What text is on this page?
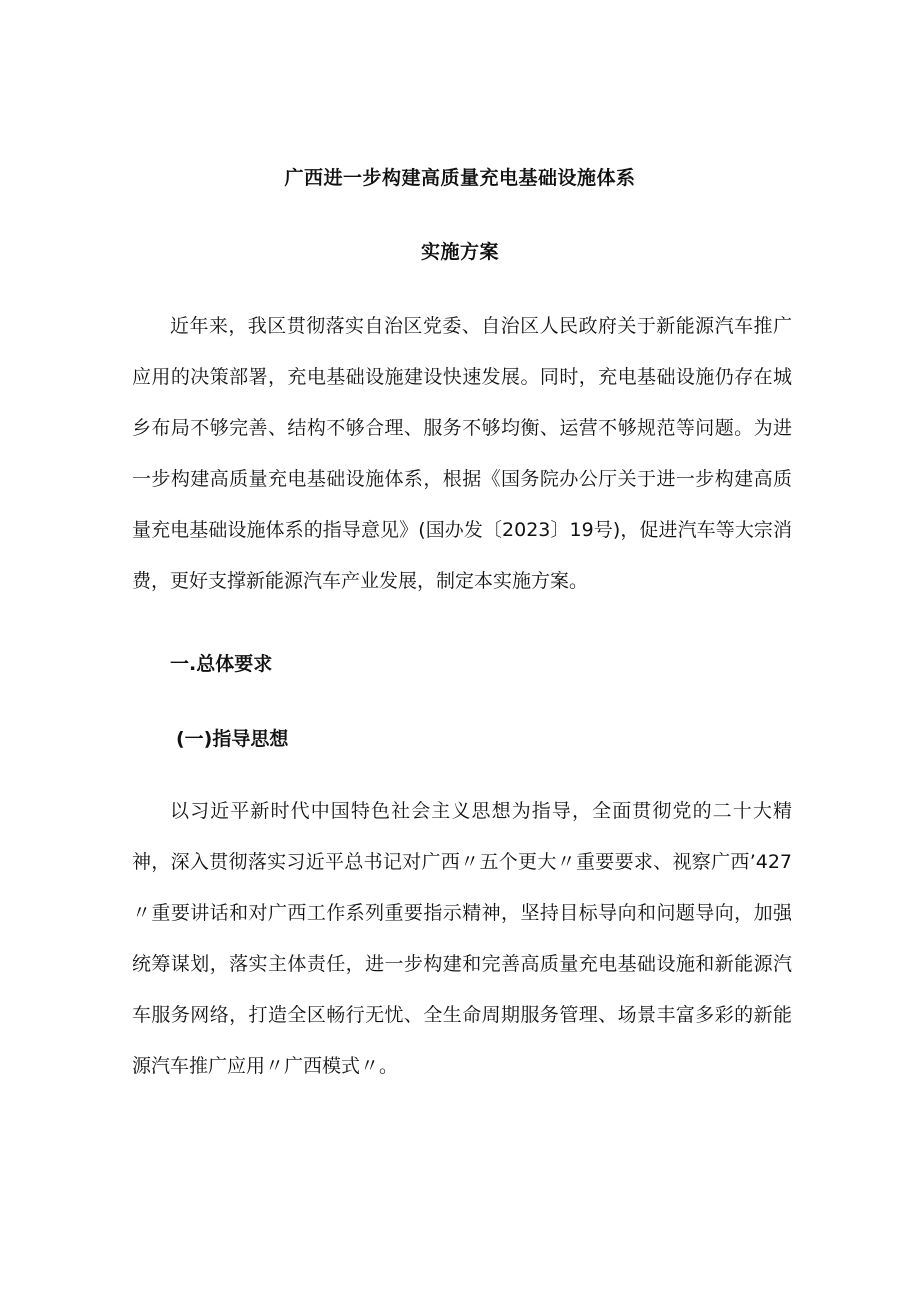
广西进一步构建高质量充电基础设施体系
实施方案

近年来，我区贯彻落实自治区党委、自治区人民政府关于新能源汽车推广应用的决策部署，充电基础设施建设快速发展。同时，充电基础设施仍存在城乡布局不够完善、结构不够合理、服务不够均衡、运营不够规范等问题。为进一步构建高质量充电基础设施体系，根据《国务院办公厅关于进一步构建高质量充电基础设施体系的指导意见》(国办发〔2023〕19号)，促进汽车等大宗消费，更好支撑新能源汽车产业发展，制定本实施方案。

一.总体要求
(一)指导思想

以习近平新时代中国特色社会主义思想为指导，全面贯彻党的二十大精神，深入贯彻落实习近平总书记对广西〃五个更大〃重要要求、视察广西’427〃重要讲话和对广西工作系列重要指示精神，坚持目标导向和问题导向，加强统筹谋划，落实主体责任，进一步构建和完善高质量充电基础设施和新能源汽车服务网络，打造全区畅行无忧、全生命周期服务管理、场景丰富多彩的新能源汽车推广应用〃广西模式〃。
